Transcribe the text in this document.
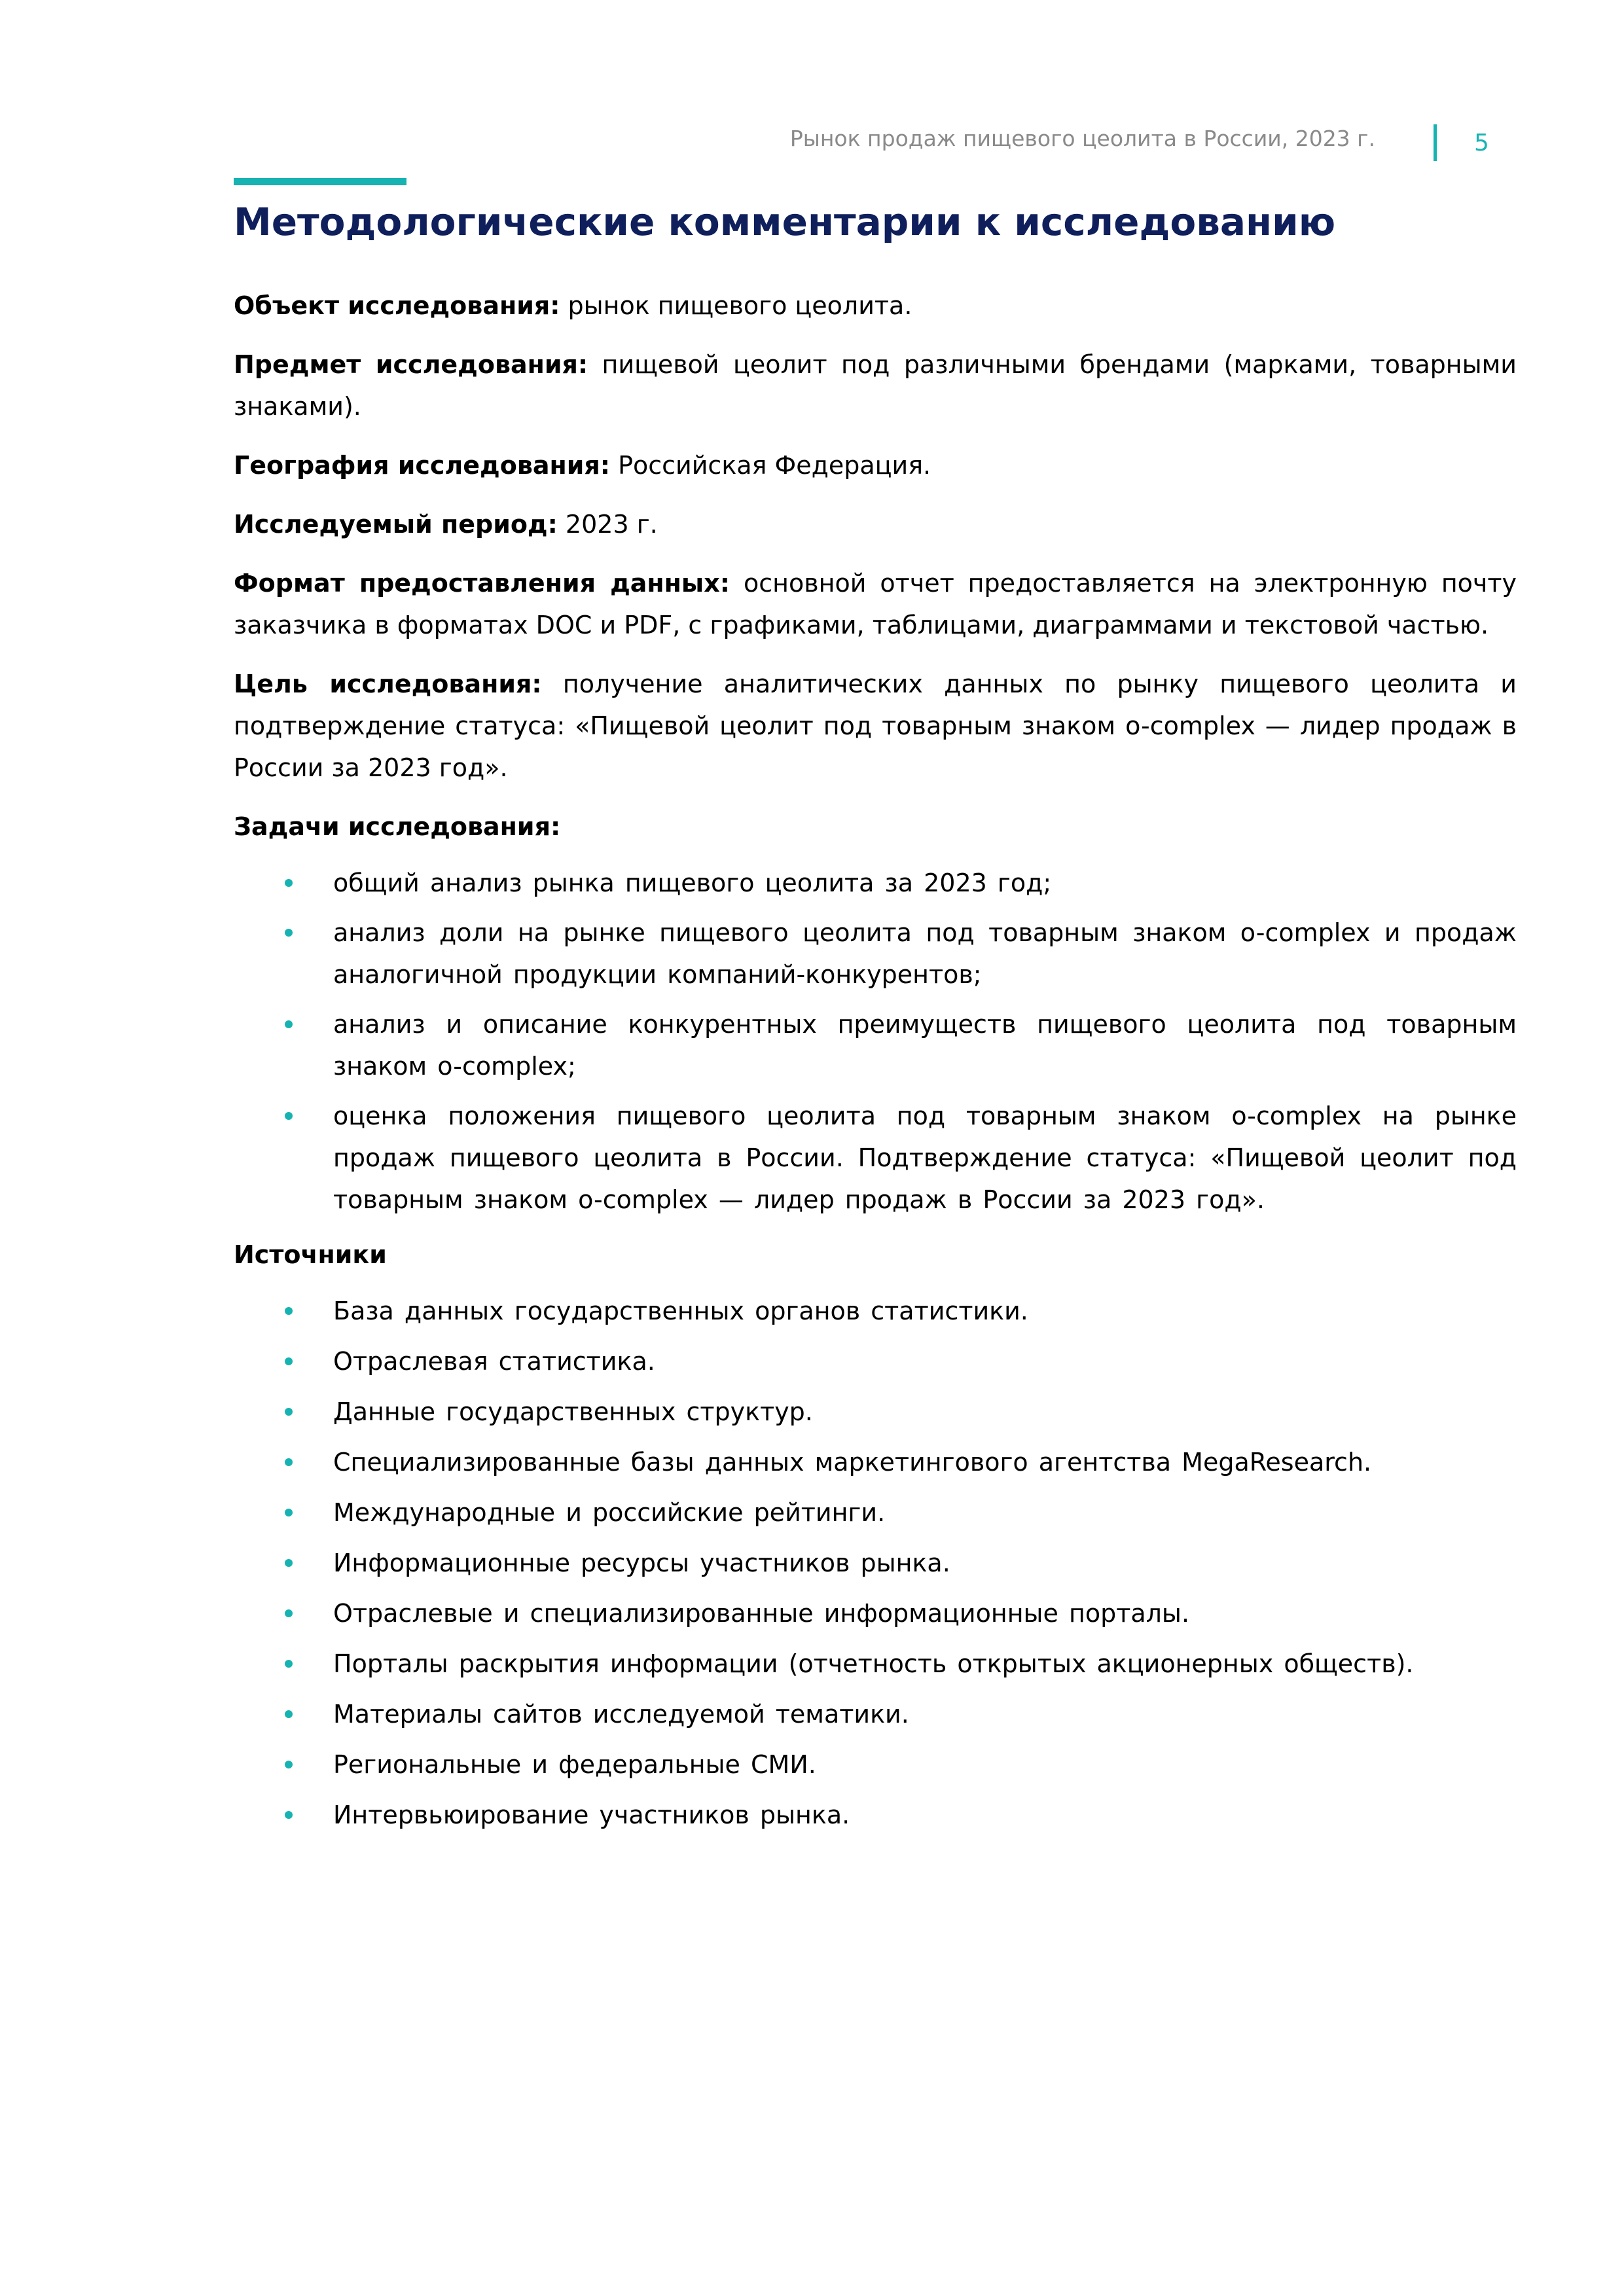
Рынок продаж пищевого цеолита в России, 2023 г.	5
Методологические комментарии к исследованию

Объект исследования: рынок пищевого цеолита.

Предмет исследования: пищевой цеолит под различными брендами (марками, товарными знаками).

География исследования: Российская Федерация.

Исследуемый период: 2023 г.

Формат предоставления данных: основной отчет предоставляется на электронную почту заказчика в форматах DOC и PDF, с графиками, таблицами, диаграммами и текстовой частью.

Цель исследования: получение аналитических данных по рынку пищевого цеолита и подтверждение статуса: «Пищевой цеолит под товарным знаком o-complex — лидер продаж в России за 2023 год».

Задачи исследования:

общий анализ рынка пищевого цеолита за 2023 год;
анализ доли на рынке пищевого цеолита под товарным знаком o-complex и продаж аналогичной продукции компаний-конкурентов;
анализ и описание конкурентных преимуществ пищевого цеолита под товарным знаком o-complex;
оценка положения пищевого цеолита под товарным знаком o-complex на рынке продаж пищевого цеолита в России. Подтверждение статуса: «Пищевой цеолит под товарным знаком o-complex — лидер продаж в России за 2023 год».

Источники

База данных государственных органов статистики.
Отраслевая статистика.
Данные государственных структур.
Специализированные базы данных маркетингового агентства MegaResearch.
Международные и российские рейтинги.
Информационные ресурсы участников рынка.
Отраслевые и специализированные информационные порталы.
Порталы раскрытия информации (отчетность открытых акционерных обществ).
Материалы сайтов исследуемой тематики.
Региональные и федеральные СМИ.
Интервьюирование участников рынка.
